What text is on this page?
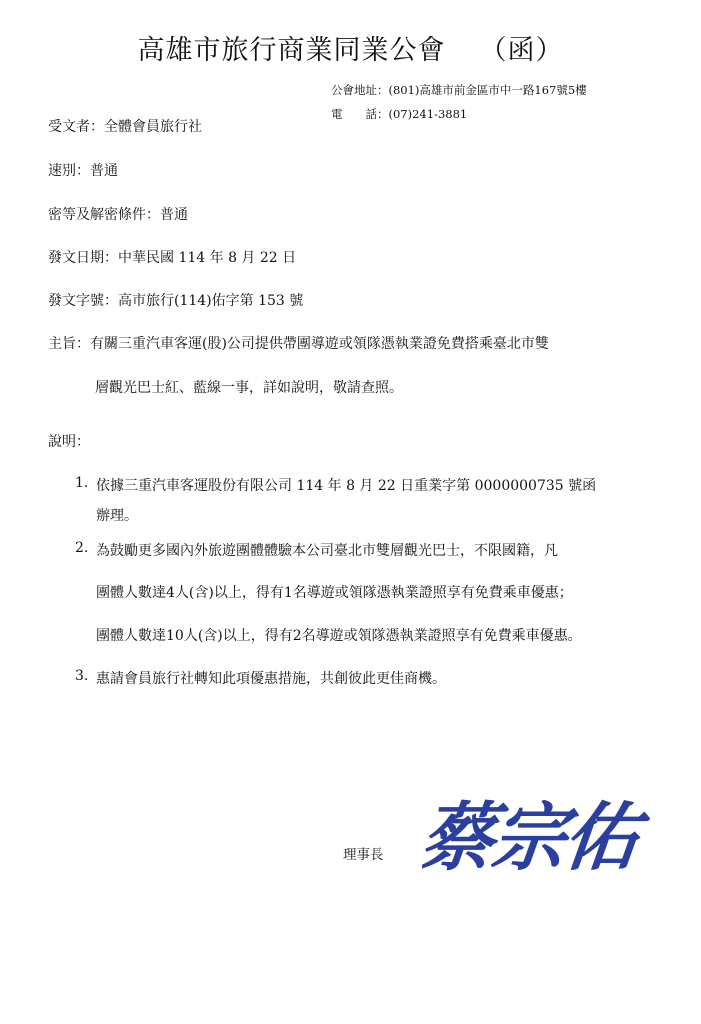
高雄市旅行商業同業公會 （函）
公會地址：(801)高雄市前金區市中一路167號5樓
電　　話：(07)241-3881
受文者：全體會員旅行社
速別：普通
密等及解密條件：普通
發文日期：中華民國 114 年 8 月 22 日
發文字號：高市旅行(114)佑字第 153 號
主旨：有關三重汽車客運(股)公司提供帶團導遊或領隊憑執業證免費搭乘臺北市雙
層觀光巴士紅、藍線一事，詳如說明，敬請查照。
說明：
1. 依據三重汽車客運股份有限公司 114 年 8 月 22 日重業字第 0000000735 號函
辦理。
2. 為鼓勵更多國內外旅遊團體體驗本公司臺北市雙層觀光巴士，不限國籍，凡
團體人數達4人(含)以上，得有1名導遊或領隊憑執業證照享有免費乘車優惠；
團體人數達10人(含)以上，得有2名導遊或領隊憑執業證照享有免費乘車優惠。
3. 惠請會員旅行社轉知此項優惠措施，共創彼此更佳商機。
理事長 蔡宗佑
